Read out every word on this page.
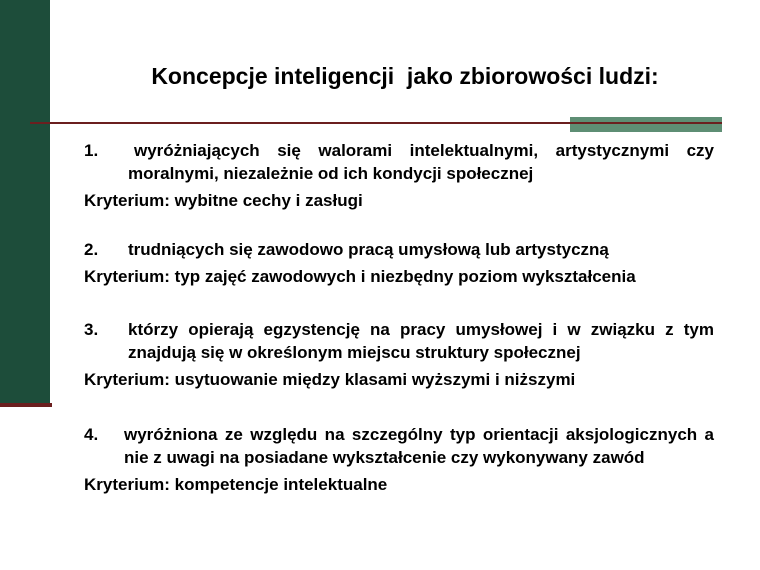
Koncepcje inteligencji  jako zbiorowości ludzi:
1.	wyróżniających się walorami intelektualnymi, artystycznymi czy moralnymi, niezależnie od ich kondycji społecznej
Kryterium: wybitne cechy i zasługi
2.	trudniących się zawodowo pracą umysłową lub artystyczną
Kryterium: typ zajęć zawodowych i niezbędny poziom wykształcenia
3.	którzy opierają egzystencję na pracy umysłowej i w związku z tym znajdują się w określonym miejscu struktury społecznej
Kryterium: usytuowanie między klasami wyższymi i niższymi
4.	wyróżniona ze względu na szczególny typ orientacji aksjologicznych a nie z uwagi na posiadane wykształcenie czy wykonywany zawód
Kryterium: kompetencje intelektualne
